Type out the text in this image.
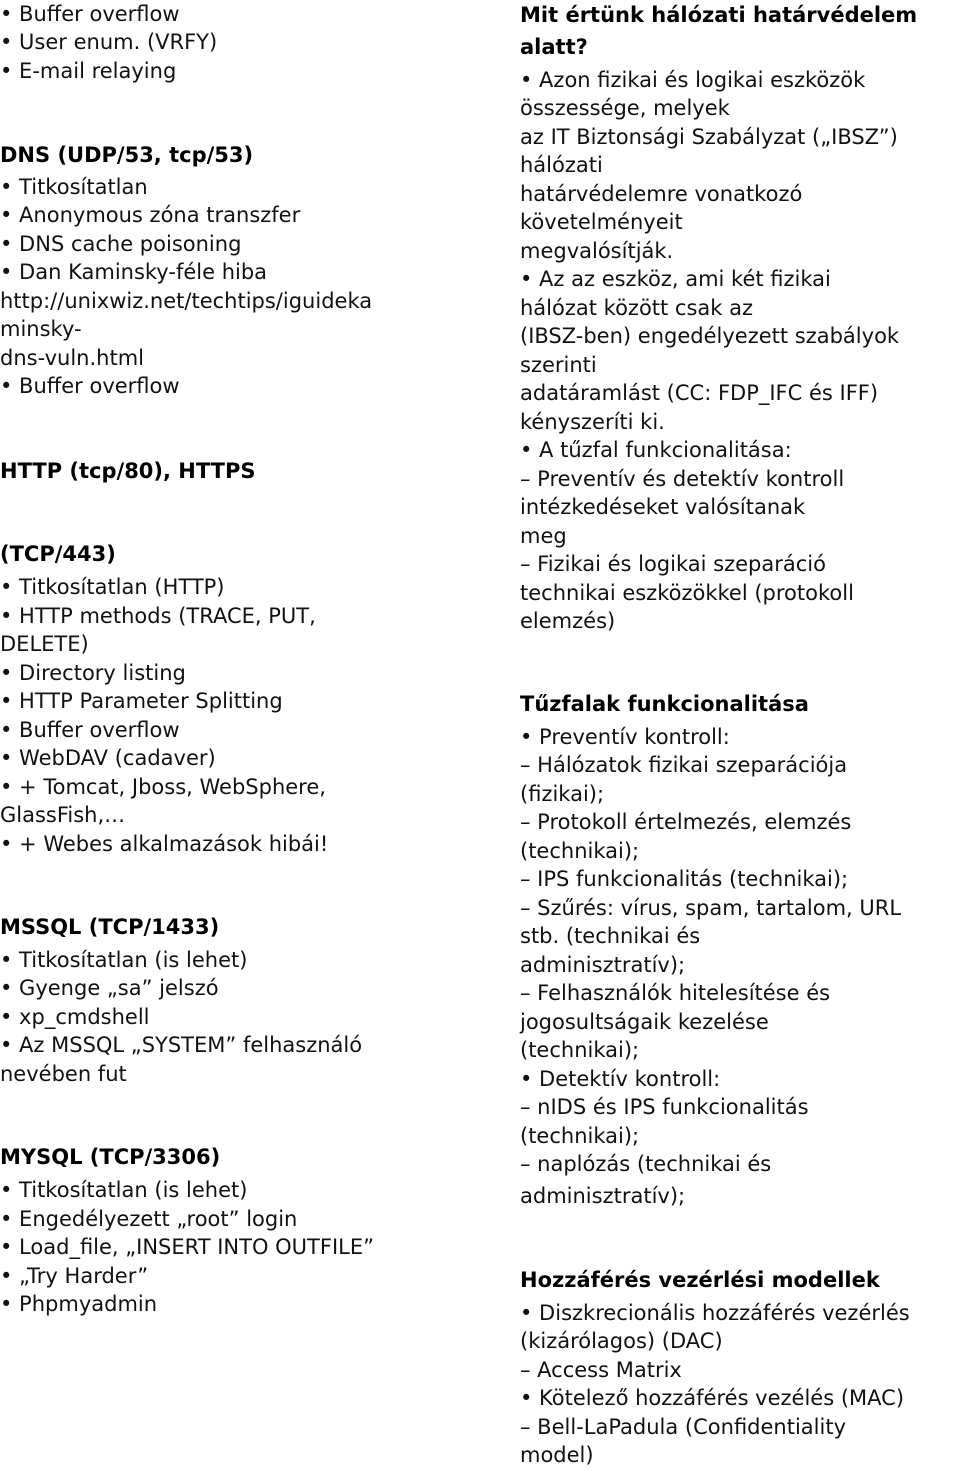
• Buffer overflow
• User enum. (VRFY)
• E-mail relaying
DNS (UDP/53, tcp/53)
• Titkosítatlan
• Anonymous zóna transzfer
• DNS cache poisoning
• Dan Kaminsky-féle hiba
http://unixwiz.net/techtips/iguideka
minsky-
dns-vuln.html
• Buffer overflow
HTTP (tcp/80), HTTPS
(TCP/443)
• Titkosítatlan (HTTP)
• HTTP methods (TRACE, PUT,
DELETE)
• Directory listing
• HTTP Parameter Splitting
• Buffer overflow
• WebDAV (cadaver)
• + Tomcat, Jboss, WebSphere,
GlassFish,…
• + Webes alkalmazások hibái!
MSSQL (TCP/1433)
• Titkosítatlan (is lehet)
• Gyenge „sa” jelszó
• xp_cmdshell
• Az MSSQL „SYSTEM” felhasználó
nevében fut
MYSQL (TCP/3306)
• Titkosítatlan (is lehet)
• Engedélyezett „root” login
• Load_file, „INSERT INTO OUTFILE”
• „Try Harder”
• Phpmyadmin
Mit értünk hálózati határvédelem
alatt?
• Azon fizikai és logikai eszközök
összessége, melyek
az IT Biztonsági Szabályzat („IBSZ”)
hálózati
határvédelemre vonatkozó
követelményeit
megvalósítják.
• Az az eszköz, ami két fizikai
hálózat között csak az
(IBSZ-ben) engedélyezett szabályok
szerinti
adatáramlást (CC: FDP_IFC és IFF)
kényszeríti ki.
• A tűzfal funkcionalitása:
– Preventív és detektív kontroll
intézkedéseket valósítanak
meg
– Fizikai és logikai szeparáció
technikai eszközökkel (protokoll
elemzés)
Tűzfalak funkcionalitása
• Preventív kontroll:
– Hálózatok fizikai szeparációja
(fizikai);
– Protokoll értelmezés, elemzés
(technikai);
– IPS funkcionalitás (technikai);
– Szűrés: vírus, spam, tartalom, URL
stb. (technikai és
adminisztratív);
– Felhasználók hitelesítése és
jogosultságaik kezelése
(technikai);
• Detektív kontroll:
– nIDS és IPS funkcionalitás
(technikai);
– naplózás (technikai és
adminisztratív);
Hozzáférés vezérlési modellek
• Diszkrecionális hozzáférés vezérlés
(kizárólagos) (DAC)
– Access Matrix
• Kötelező hozzáférés vezélés (MAC)
– Bell-LaPadula (Confidentiality
model)
